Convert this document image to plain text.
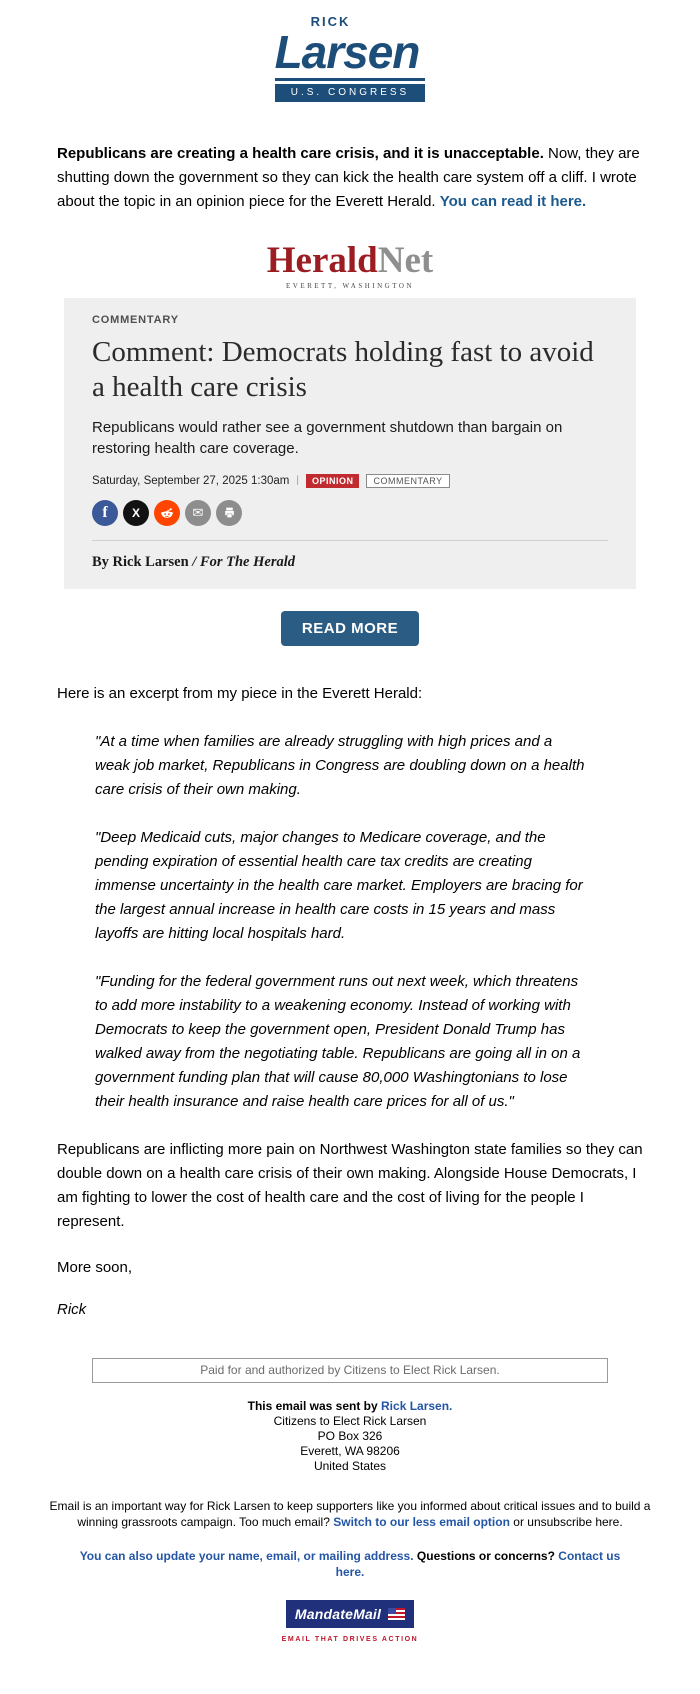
RICK
Larsen
U.S. CONGRESS

Republicans are creating a health care crisis, and it is unacceptable. Now, they are shutting down the government so they can kick the health care system off a cliff. I wrote about the topic in an opinion piece for the Everett Herald. You can read it here.

HeraldNet
EVERETT, WASHINGTON
COMMENTARY
Comment: Democrats holding fast to avoid a health care crisis

Republicans would rather see a government shutdown than bargain on restoring health care coverage.

Saturday, September 27, 2025 1:30am |	OPINION	COMMENTARY
f	X	✉
By Rick Larsen / For The Herald
READ MORE

Here is an excerpt from my piece in the Everett Herald:

"At a time when families are already struggling with high prices and a weak job market, Republicans in Congress are doubling down on a health care crisis of their own making.

"Deep Medicaid cuts, major changes to Medicare coverage, and the pending expiration of essential health care tax credits are creating immense uncertainty in the health care market. Employers are bracing for the largest annual increase in health care costs in 15 years and mass layoffs are hitting local hospitals hard.

"Funding for the federal government runs out next week, which threatens to add more instability to a weakening economy. Instead of working with Democrats to keep the government open, President Donald Trump has walked away from the negotiating table. Republicans are going all in on a government funding plan that will cause 80,000 Washingtonians to lose their health insurance and raise health care prices for all of us."

Republicans are inflicting more pain on Northwest Washington state families so they can double down on a health care crisis of their own making. Alongside House Democrats, I am fighting to lower the cost of health care and the cost of living for the people I represent.

More soon,

Rick

Paid for and authorized by Citizens to Elect Rick Larsen.
This email was sent by Rick Larsen.
Citizens to Elect Rick Larsen
PO Box 326
Everett, WA 98206
United States

Email is an important way for Rick Larsen to keep supporters like you informed about critical issues and to build a winning grassroots campaign. Too much email? Switch to our less email option or unsubscribe here.

You can also update your name, email, or mailing address. Questions or concerns? Contact us here.

MandateMail

EMAIL THAT DRIVES ACTION
